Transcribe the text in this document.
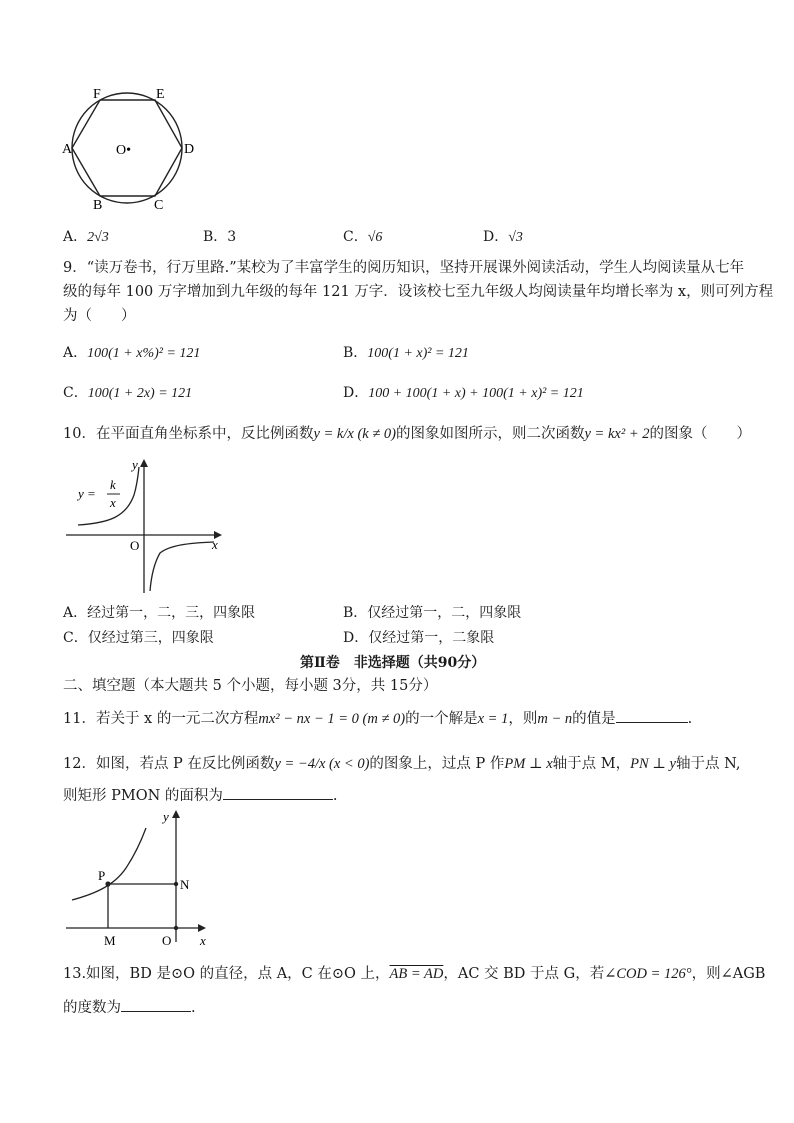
F	E
A	D
B	C
O•
A．2√3	B．3	C．√6	D．√3
9．“读万卷书，行万里路.”某校为了丰富学生的阅历知识，坚持开展课外阅读活动，学生人均阅读量从七年
级的每年 100 万字增加到九年级的每年 121 万字．设该校七至九年级人均阅读量年均增长率为 x，则可列方程
为（　　）
A．100(1 + x%)² = 121	B．100(1 + x)² = 121
C．100(1 + 2x) = 121	D．100 + 100(1 + x) + 100(1 + x)² = 121
10．在平面直角坐标系中，反比例函数y = k/x (k ≠ 0)的图象如图所示，则二次函数y = kx² + 2的图象（　　）
y =
k
x
y
x
O
A．经过第一，二，三，四象限	B．仅经过第一，二，四象限
C．仅经过第三，四象限	D．仅经过第一，二象限
第Ⅱ卷　非选择题（共90分）
二、填空题（本大题共 5 个小题，每小题 3分，共 15分）
11．若关于 x 的一元二次方程mx² − nx − 1 = 0 (m ≠ 0)的一个解是x = 1，则m − n的值是	.
12．如图，若点 P 在反比例函数y = −4/x (x < 0)的图象上，过点 P 作PM ⊥ x轴于点 M，PN ⊥ y轴于点 N,
则矩形 PMON 的面积为	.
P
N
M	O
y
x
13.如图，BD 是⊙O 的直径，点 A，C 在⊙O 上，AB = AD，AC 交 BD 于点 G，若∠COD = 126°，则∠AGB
的度数为	.
